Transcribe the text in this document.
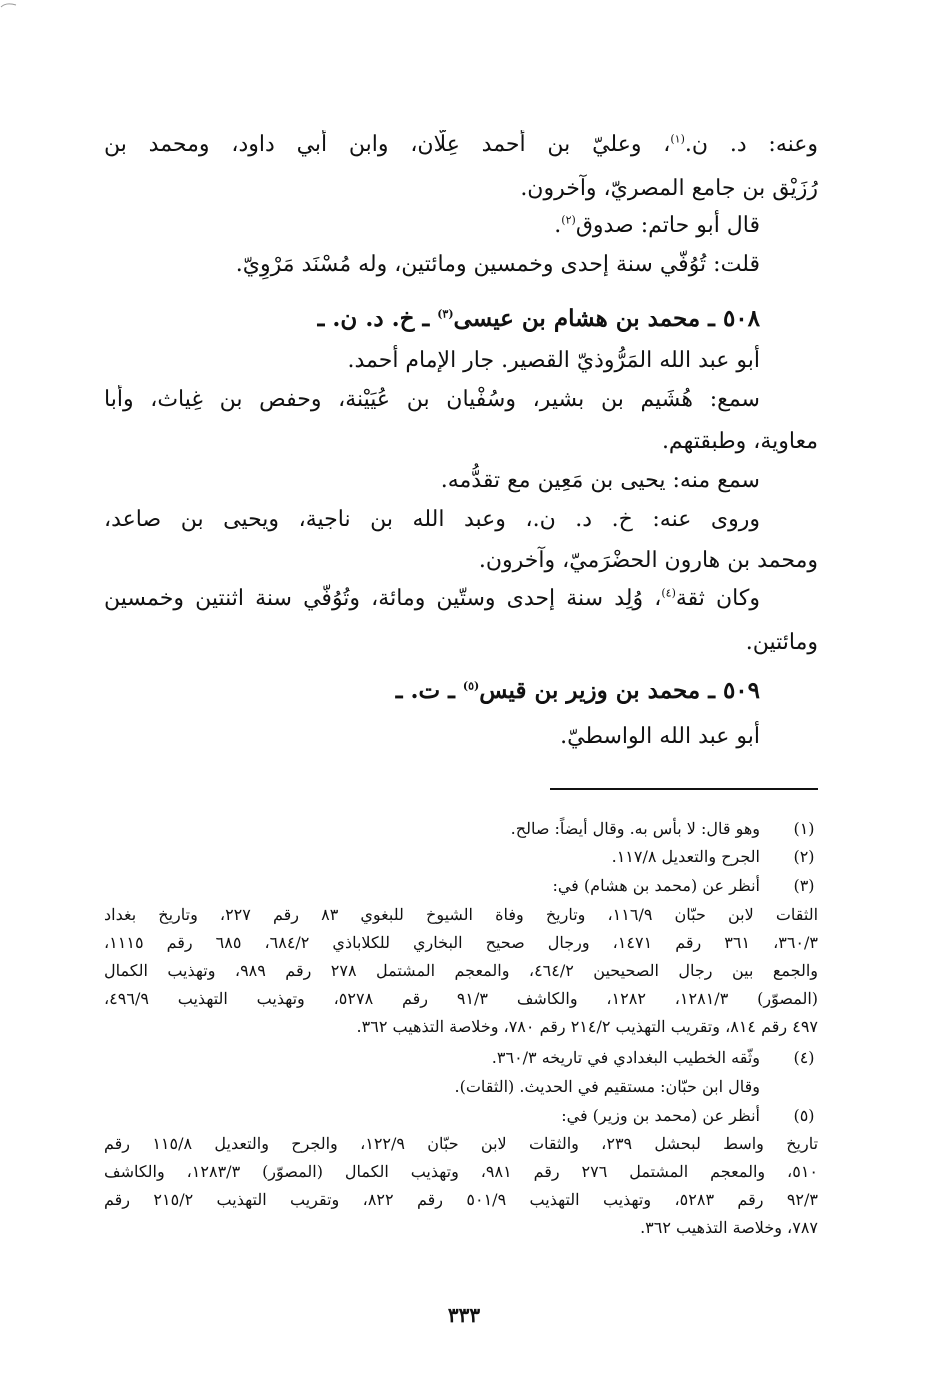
وعنه: د. ن.$^{(١)}$، وعليّ بن أحمد عِلّان، وابن أبي داود، ومحمد بن
رُزَيْق بن جامع المصريّ، وآخرون.
قال أبو حاتم: صدوق$^{(٢)}$.
قلت: تُوُفّي سنة إحدى وخمسين ومائتين، وله مُسْنَد مَرْوِيّ.
٥٠٨ ـ محمد بن هشام بن عيسى$^{(٣)}$ ـ خ. د. ن. ـ
أبو عبد الله المَرُّوذيّ القصير. جار الإمام أحمد.
سمع: هُشَيم بن بشير، وسُفْيان بن عُيَيْنة، وحفص بن غِياث، وأبا
معاوية، وطبقتهم.
سمع منه: يحيى بن مَعِين مع تقدُّمه.
وروى عنه: خ. د. ن.، وعبد الله بن ناجية، ويحيى بن صاعد،
ومحمد بن هارون الحضْرَميّ، وآخرون.
وكان ثقة$^{(٤)}$، وُلِد سنة إحدى وستّين ومائة، وتُوُفّي سنة اثنتين وخمسين
ومائتين.
٥٠٩ ـ محمد بن وزير بن قيس$^{(٥)}$ ـ ت. ـ
أبو عبد الله الواسطيّ.
(١)
وهو قال: لا بأس به. وقال أيضاً: صالح.
(٢)
الجرح والتعديل ١١٧/٨.
(٣)
أنظر عن (محمد بن هشام) في:
الثقات لابن حبّان ١١٦/٩، وتاريخ وفاة الشيوخ للبغوي ٨٣ رقم ٢٢٧، وتاريخ بغداد
٣٦٠/٣، ٣٦١ رقم ١٤٧١، ورجال صحيح البخاري للكلاباذي ٦٨٤/٢، ٦٨٥ رقم ١١١٥،
والجمع بين رجال الصحيحين ٤٦٤/٢، والمعجم المشتمل ٢٧٨ رقم ٩٨٩، وتهذيب الكمال
(المصوّر) ١٢٨١/٣، ١٢٨٢، والكاشف ٩١/٣ رقم ٥٢٧٨، وتهذيب التهذيب ٤٩٦/٩،
٤٩٧ رقم ٨١٤، وتقريب التهذيب ٢١٤/٢ رقم ٧٨٠، وخلاصة التذهيب ٣٦٢.
(٤)
وثّقه الخطيب البغدادي في تاريخه ٣٦٠/٣.
وقال ابن حبّان: مستقيم في الحديث. (الثقات).
(٥)
أنظر عن (محمد بن وزير) في:
تاريخ واسط لبحشل ٢٣٩، والثقات لابن حبّان ١٢٢/٩، والجرح والتعديل ١١٥/٨ رقم
٥١٠، والمعجم المشتمل ٢٧٦ رقم ٩٨١، وتهذيب الكمال (المصوّر) ١٢٨٣/٣، والكاشف
٩٢/٣ رقم ٥٢٨٣، وتهذيب التهذيب ٥٠١/٩ رقم ٨٢٢، وتقريب التهذيب ٢١٥/٢ رقم
٧٨٧، وخلاصة التذهيب ٣٦٢.
٣٣٣
